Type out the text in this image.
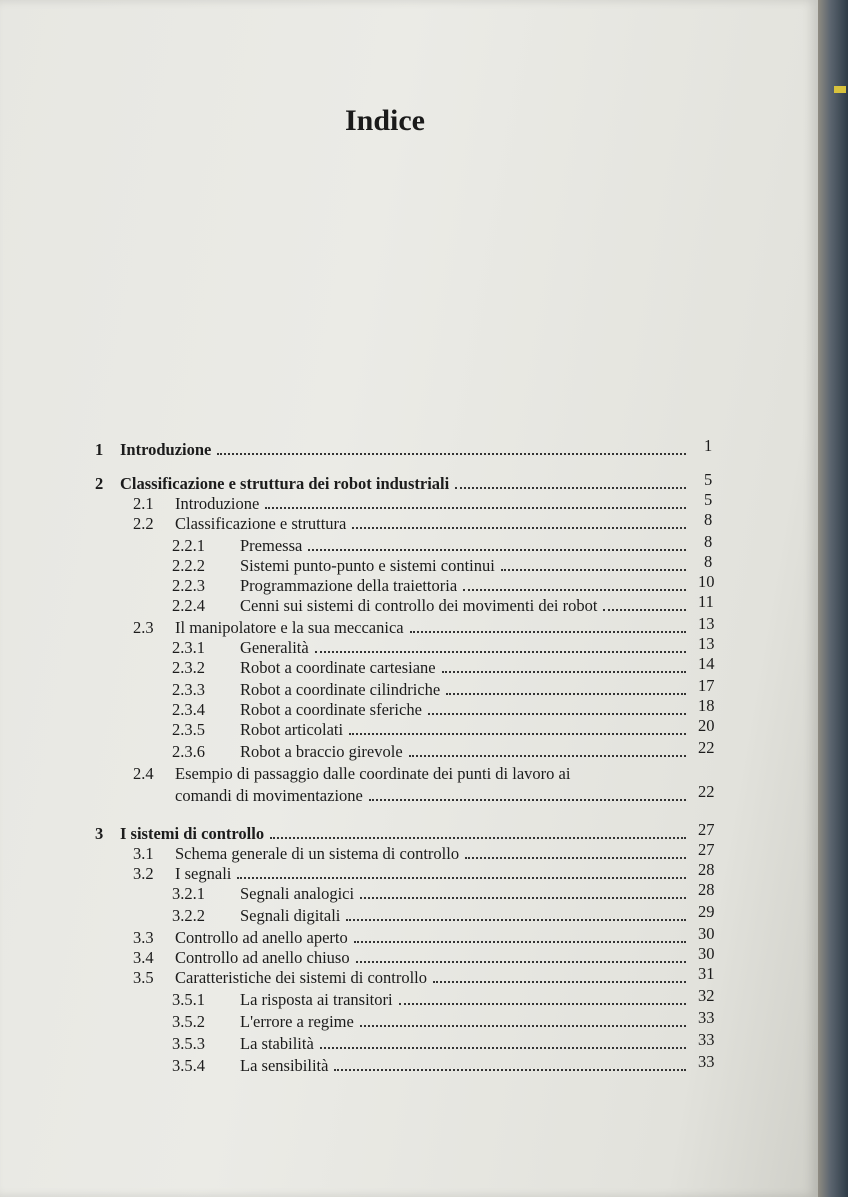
Indice
1	Introduzione	1
2	Classificazione e struttura dei robot industriali	5
2.1	Introduzione	5
2.2	Classificazione e struttura	8
2.2.1	Premessa	8
2.2.2	Sistemi punto-punto e sistemi continui	8
2.2.3	Programmazione della traiettoria	10
2.2.4	Cenni sui sistemi di controllo dei movimenti dei robot	11
2.3	Il manipolatore e la sua meccanica	13
2.3.1	Generalità	13
2.3.2	Robot a coordinate cartesiane	14
2.3.3	Robot a coordinate cilindriche	17
2.3.4	Robot a coordinate sferiche	18
2.3.5	Robot articolati	20
2.3.6	Robot a braccio girevole	22
2.4	Esempio di passaggio dalle coordinate dei punti di lavoro ai
comandi di movimentazione	22
3	I sistemi di controllo	27
3.1	Schema generale di un sistema di controllo	27
3.2	I segnali	28
3.2.1	Segnali analogici	28
3.2.2	Segnali digitali	29
3.3	Controllo ad anello aperto	30
3.4	Controllo ad anello chiuso	30
3.5	Caratteristiche dei sistemi di controllo	31
3.5.1	La risposta ai transitori	32
3.5.2	L'errore a regime	33
3.5.3	La stabilità	33
3.5.4	La sensibilità	33
